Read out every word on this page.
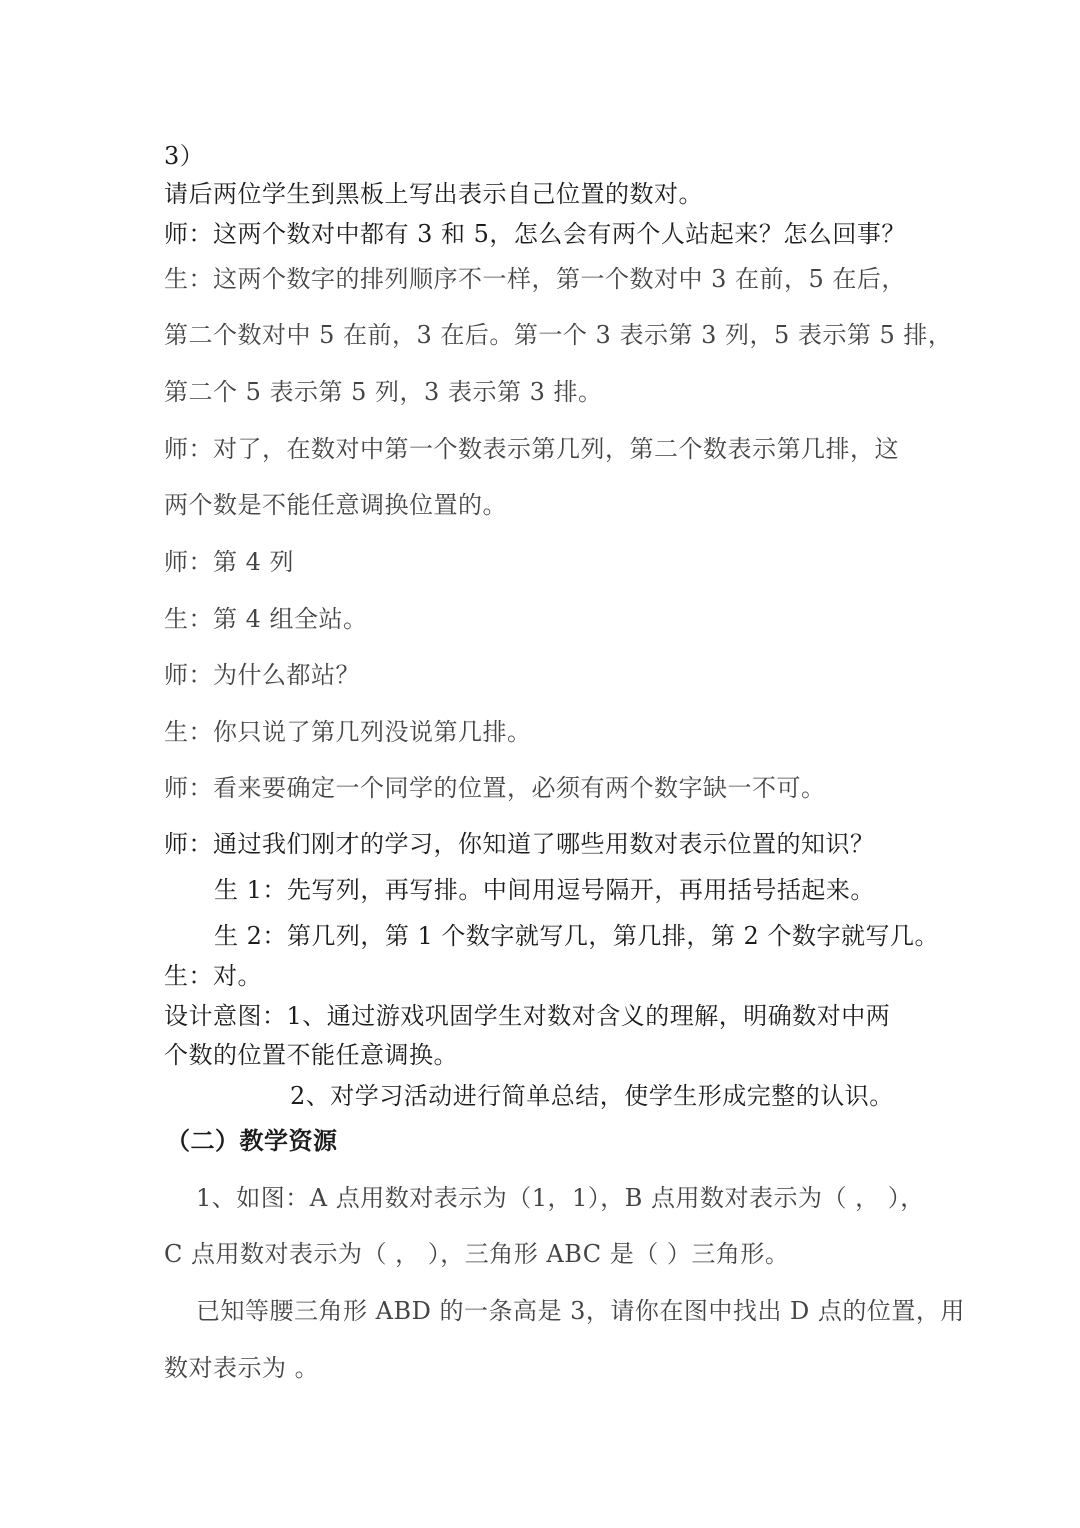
3）
请后两位学生到黑板上写出表示自己位置的数对。
师：这两个数对中都有 3 和 5，怎么会有两个人站起来？怎么回事？
生：这两个数字的排列顺序不一样，第一个数对中 3 在前，5 在后，
第二个数对中 5 在前，3 在后。第一个 3 表示第 3 列，5 表示第 5 排，
第二个 5 表示第 5 列，3 表示第 3 排。
师：对了，在数对中第一个数表示第几列，第二个数表示第几排，这
两个数是不能任意调换位置的。
师：第 4 列
生：第 4 组全站。
师：为什么都站？
生：你只说了第几列没说第几排。
师：看来要确定一个同学的位置，必须有两个数字缺一不可。
师：通过我们刚才的学习，你知道了哪些用数对表示位置的知识？
生 1：先写列，再写排。中间用逗号隔开，再用括号括起来。
生 2：第几列，第 1 个数字就写几，第几排，第 2 个数字就写几。
生：对。
设计意图：1、通过游戏巩固学生对数对含义的理解，明确数对中两
个数的位置不能任意调换。
2、对学习活动进行简单总结，使学生形成完整的认识。
（二）教学资源
1、如图：A 点用数对表示为（1，1），B 点用数对表示为（ ， ），
C 点用数对表示为（ ， ），三角形 ABC 是（ ）三角形。
已知等腰三角形 ABD 的一条高是 3，请你在图中找出 D 点的位置，用
数对表示为 。
